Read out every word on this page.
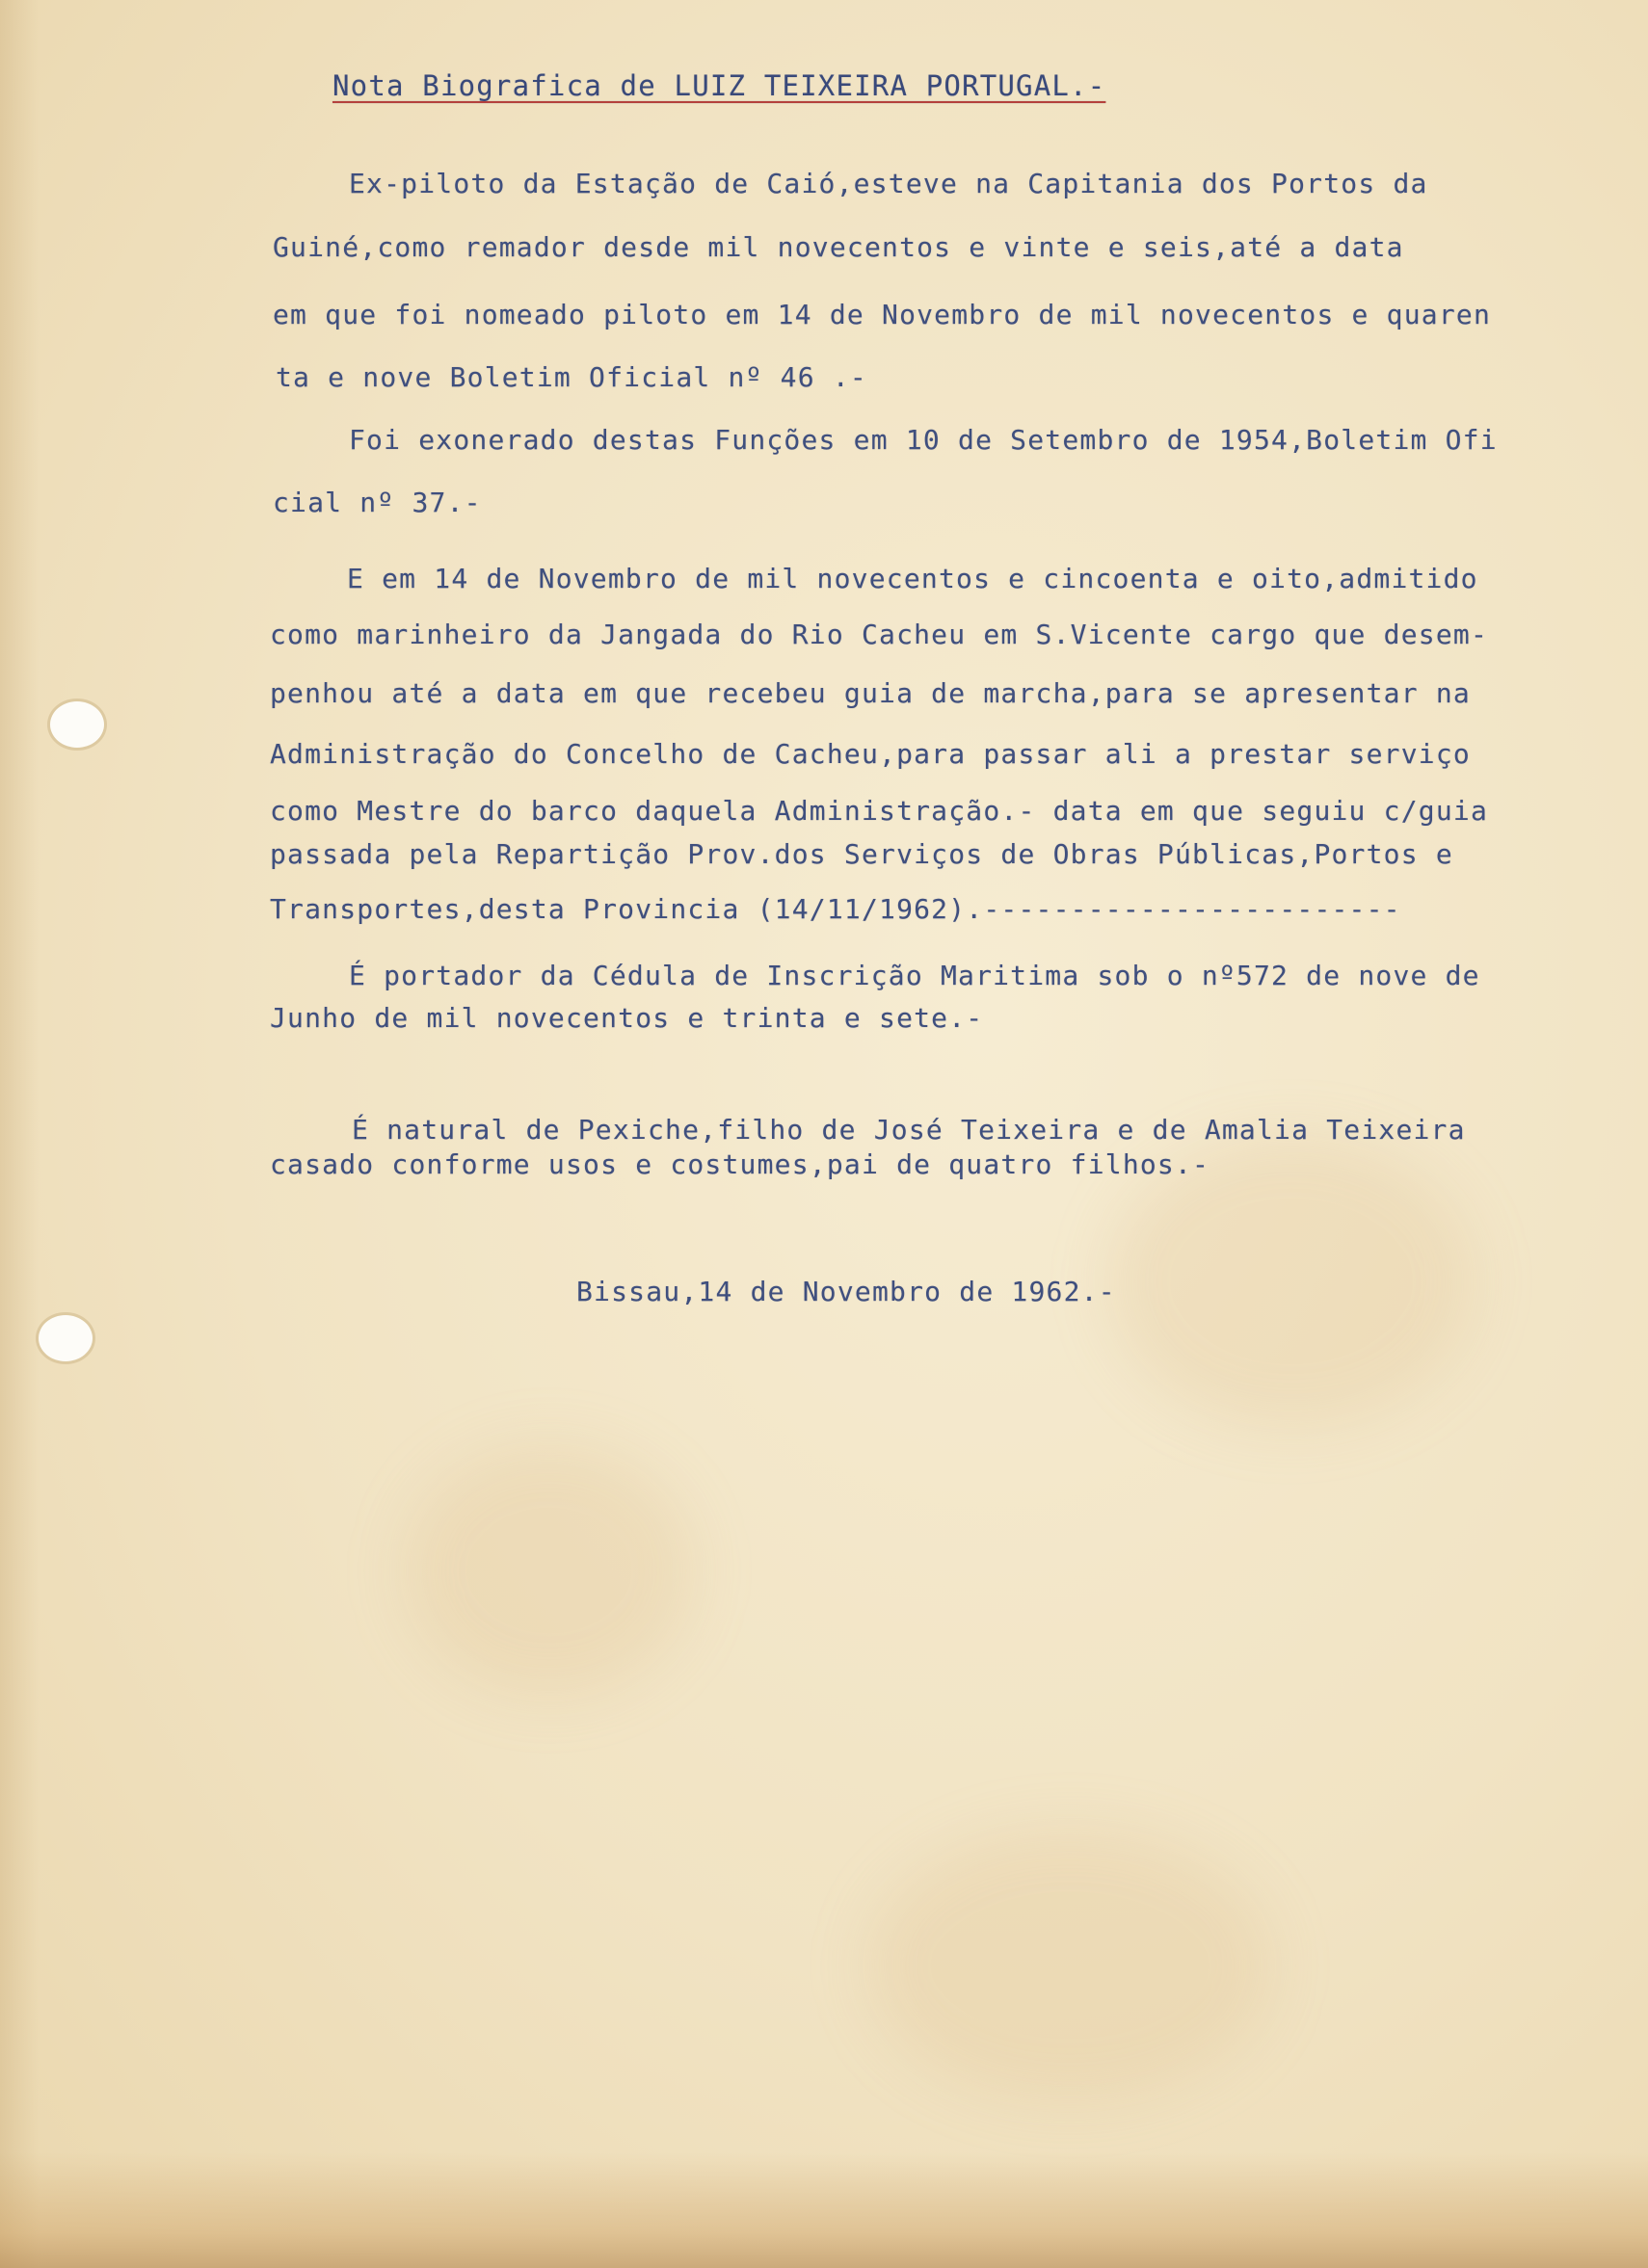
Nota Biografica de LUIZ TEIXEIRA PORTUGAL.-

Ex-piloto da Estação de Caió,esteve na Capitania dos Portos da

Guiné,como remador desde mil novecentos e vinte e seis,até a data

em que foi nomeado piloto em 14 de Novembro de mil novecentos e quaren

ta e nove Boletim Oficial nº 46 .-

Foi exonerado destas Funções em 10 de Setembro de 1954,Boletim Ofi

cial nº 37.-

E em 14 de Novembro de mil novecentos e cincoenta e oito,admitido

como marinheiro da Jangada do Rio Cacheu em S.Vicente cargo que desem-

penhou até a data em que recebeu guia de marcha,para se apresentar na

Administração do Concelho de Cacheu,para passar ali a prestar serviço

como Mestre do barco daquela Administração.- data em que seguiu c/guia

passada pela Repartição Prov.dos Serviços de Obras Públicas,Portos e

Transportes,desta Provincia (14/11/1962).------------------------

É portador da Cédula de Inscrição Maritima sob o nº572 de nove de

Junho de mil novecentos e trinta e sete.-

É natural de Pexiche,filho de José Teixeira e de Amalia Teixeira

casado conforme usos e costumes,pai de quatro filhos.-

Bissau,14 de Novembro de 1962.-
